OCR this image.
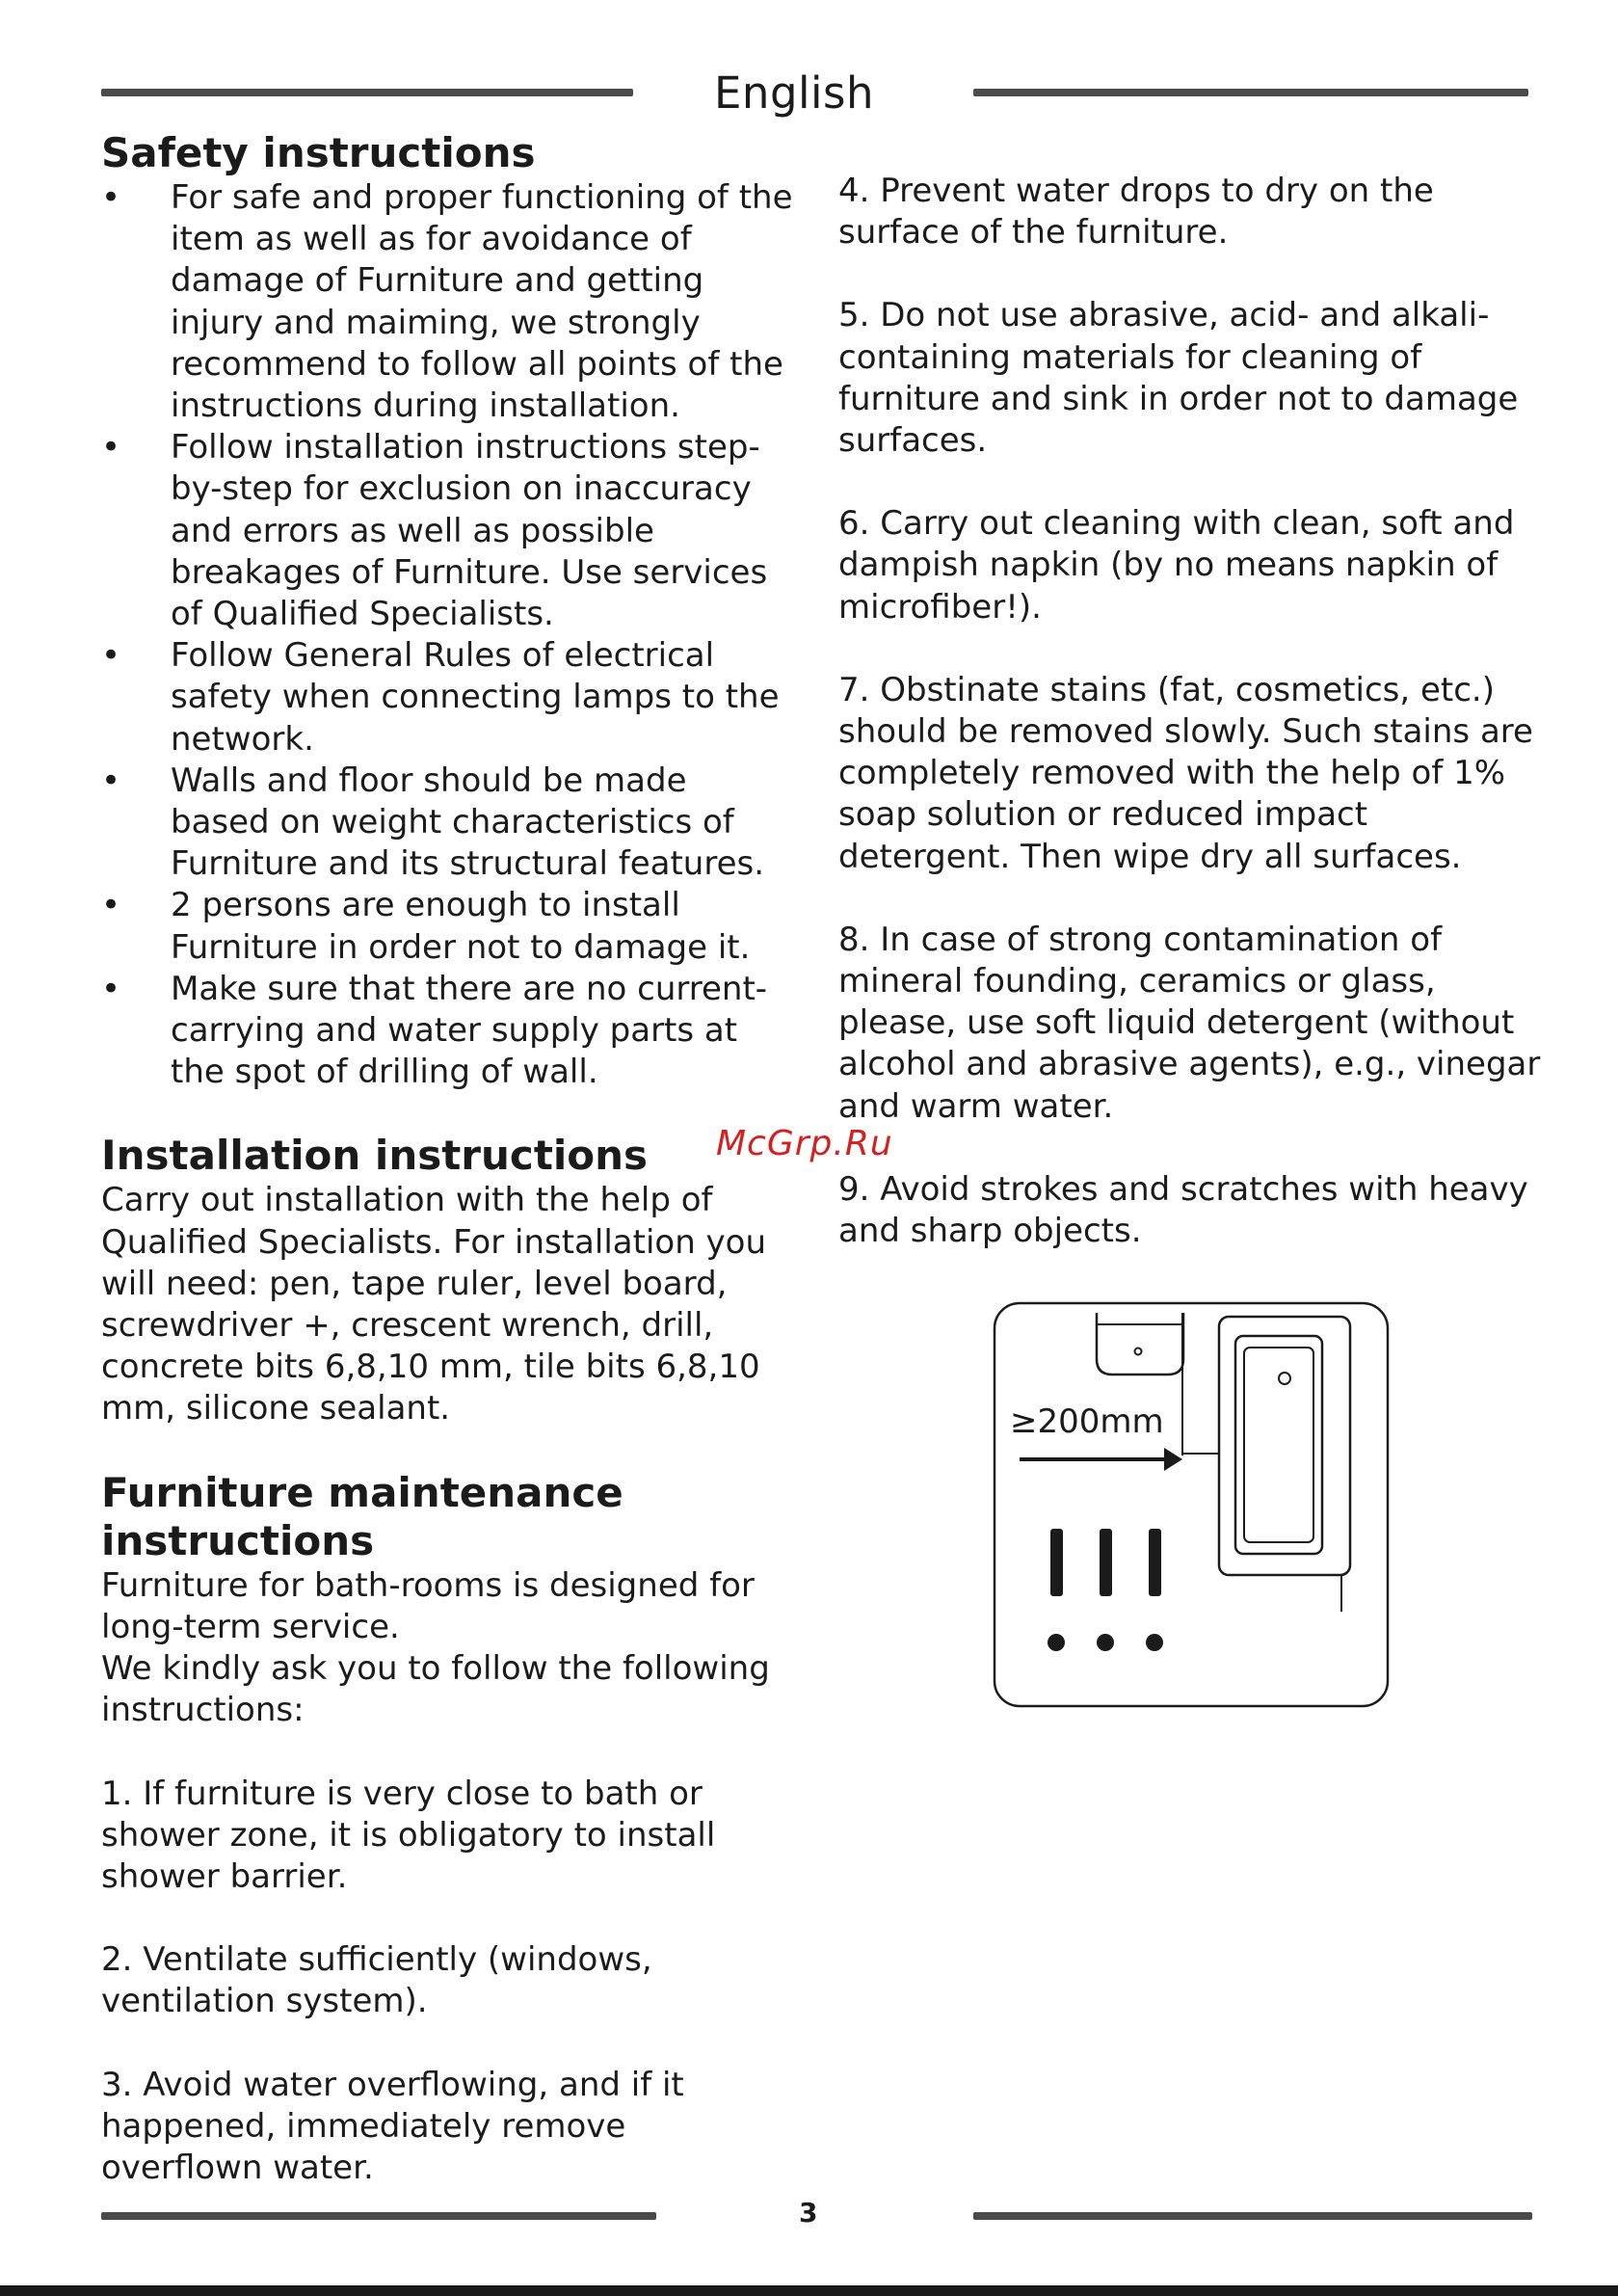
English
Safety instructions
• For safe and proper functioning of the item as well as for avoidance of damage of Furniture and getting injury and maiming, we strongly recommend to follow all points of the instructions during installation.
• Follow installation instructions step-by-step for exclusion on inaccuracy and errors as well as possible breakages of Furniture. Use services of Qualified Specialists.
• Follow General Rules of electrical safety when connecting lamps to the network.
• Walls and floor should be made based on weight characteristics of Furniture and its structural features.
• 2 persons are enough to install Furniture in order not to damage it.
• Make sure that there are no current-carrying and water supply parts at the spot of drilling of wall.
Installation instructions

Carry out installation with the help of Qualified Specialists. For installation you will need: pen, tape ruler, level board, screwdriver +, crescent wrench, drill, concrete bits 6,8,10 mm, tile bits 6,8,10 mm, silicone sealant.

Furniture maintenance instructions

Furniture for bath-rooms is designed for long-term service.

We kindly ask you to follow the following instructions:

1. If furniture is very close to bath or shower zone, it is obligatory to install shower barrier.

2. Ventilate sufficiently (windows, ventilation system).

3. Avoid water overflowing, and if it happened, immediately remove overflown water.

4. Prevent water drops to dry on the surface of the furniture.

5. Do not use abrasive, acid- and alkali-containing materials for cleaning of furniture and sink in order not to damage surfaces.

6. Carry out cleaning with clean, soft and dampish napkin (by no means napkin of microfiber!).

7. Obstinate stains (fat, cosmetics, etc.) should be removed slowly. Such stains are completely removed with the help of 1% soap solution or reduced impact detergent. Then wipe dry all surfaces.

8. In case of strong contamination of mineral founding, ceramics or glass, please, use soft liquid detergent (without alcohol and abrasive agents), e.g., vinegar and warm water.

9. Avoid strokes and scratches with heavy and sharp objects.

McGrp.Ru
≥200mm
3
